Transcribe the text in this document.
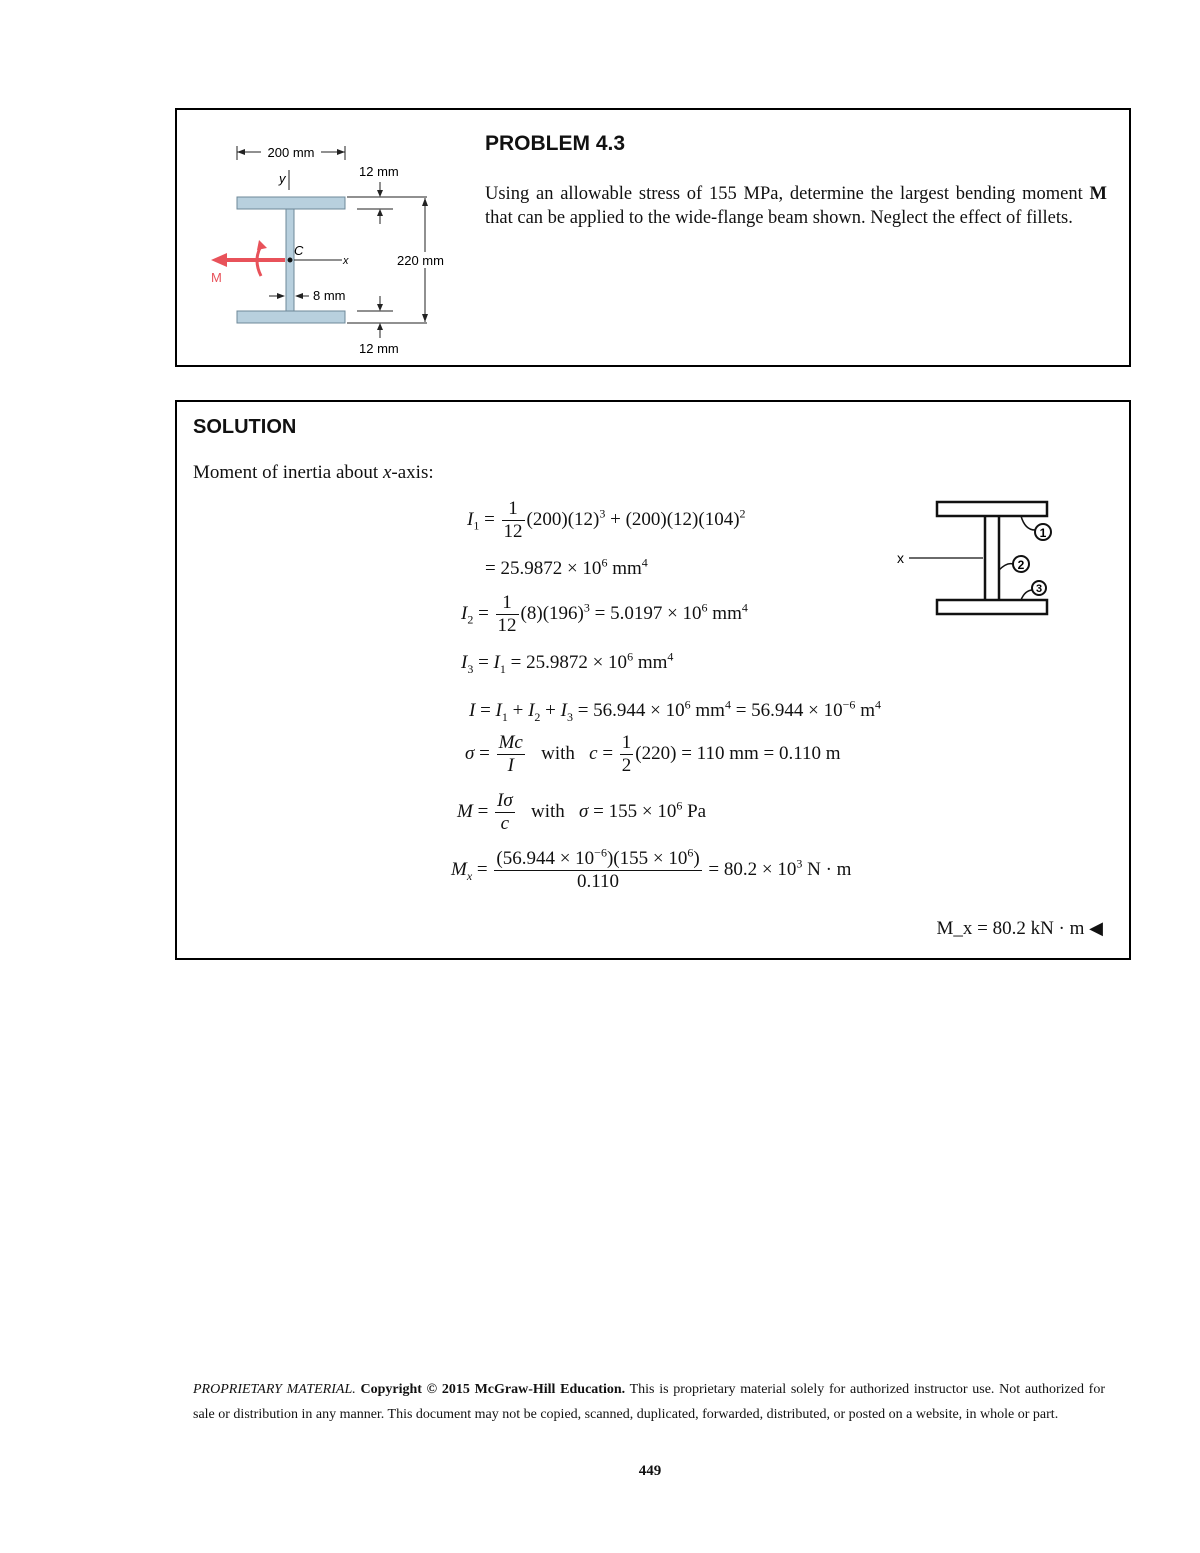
200 mm
y
C
x
M
8 mm
12 mm
220 mm
12 mm
PROBLEM 4.3
Using an allowable stress of 155 MPa, determine the largest bending moment M that can be applied to the wide-flange beam shown. Neglect the effect of fillets.
SOLUTION
Moment of inertia about x-axis:
x
1
2
3
$I_1 = \frac{1}{12} (200)(12)^3 + (200)(12)(104)^2$
= $25.9872 \times 10^6$ $mm^4$
$I_2 = \frac{1}{12} (8)(196)^3 = 5.0197 \times 10^6$ $mm^4$
$I_3 = I_1 = 25.9872 \times 10^6$ $mm^4$
$I = I_1 + I_2 + I_3 = 56.944 \times 10^6$ $mm^4 = 56.944 \times 10^{-6}$ $m^4$
$\sigma = \frac{Mc}{I}$ with   $c = \frac{1}{2} (220) = 110$ mm = 0.110 m
$M = \frac{I\sigma}{c}$ with   $\sigma = 155 \times 10^6$ Pa
$M_x = \frac{(56.944 \times 10^{-6})(155 \times 10^6)}{0.110} = 80.2 \times 10^3$ N · m
M_x = 80.2 kN · m ◀
PROPRIETARY MATERIAL. Copyright © 2015 McGraw-Hill Education. This is proprietary material solely for authorized instructor use. Not authorized for sale or distribution in any manner. This document may not be copied, scanned, duplicated, forwarded, distributed, or posted on a website, in whole or part.
449
